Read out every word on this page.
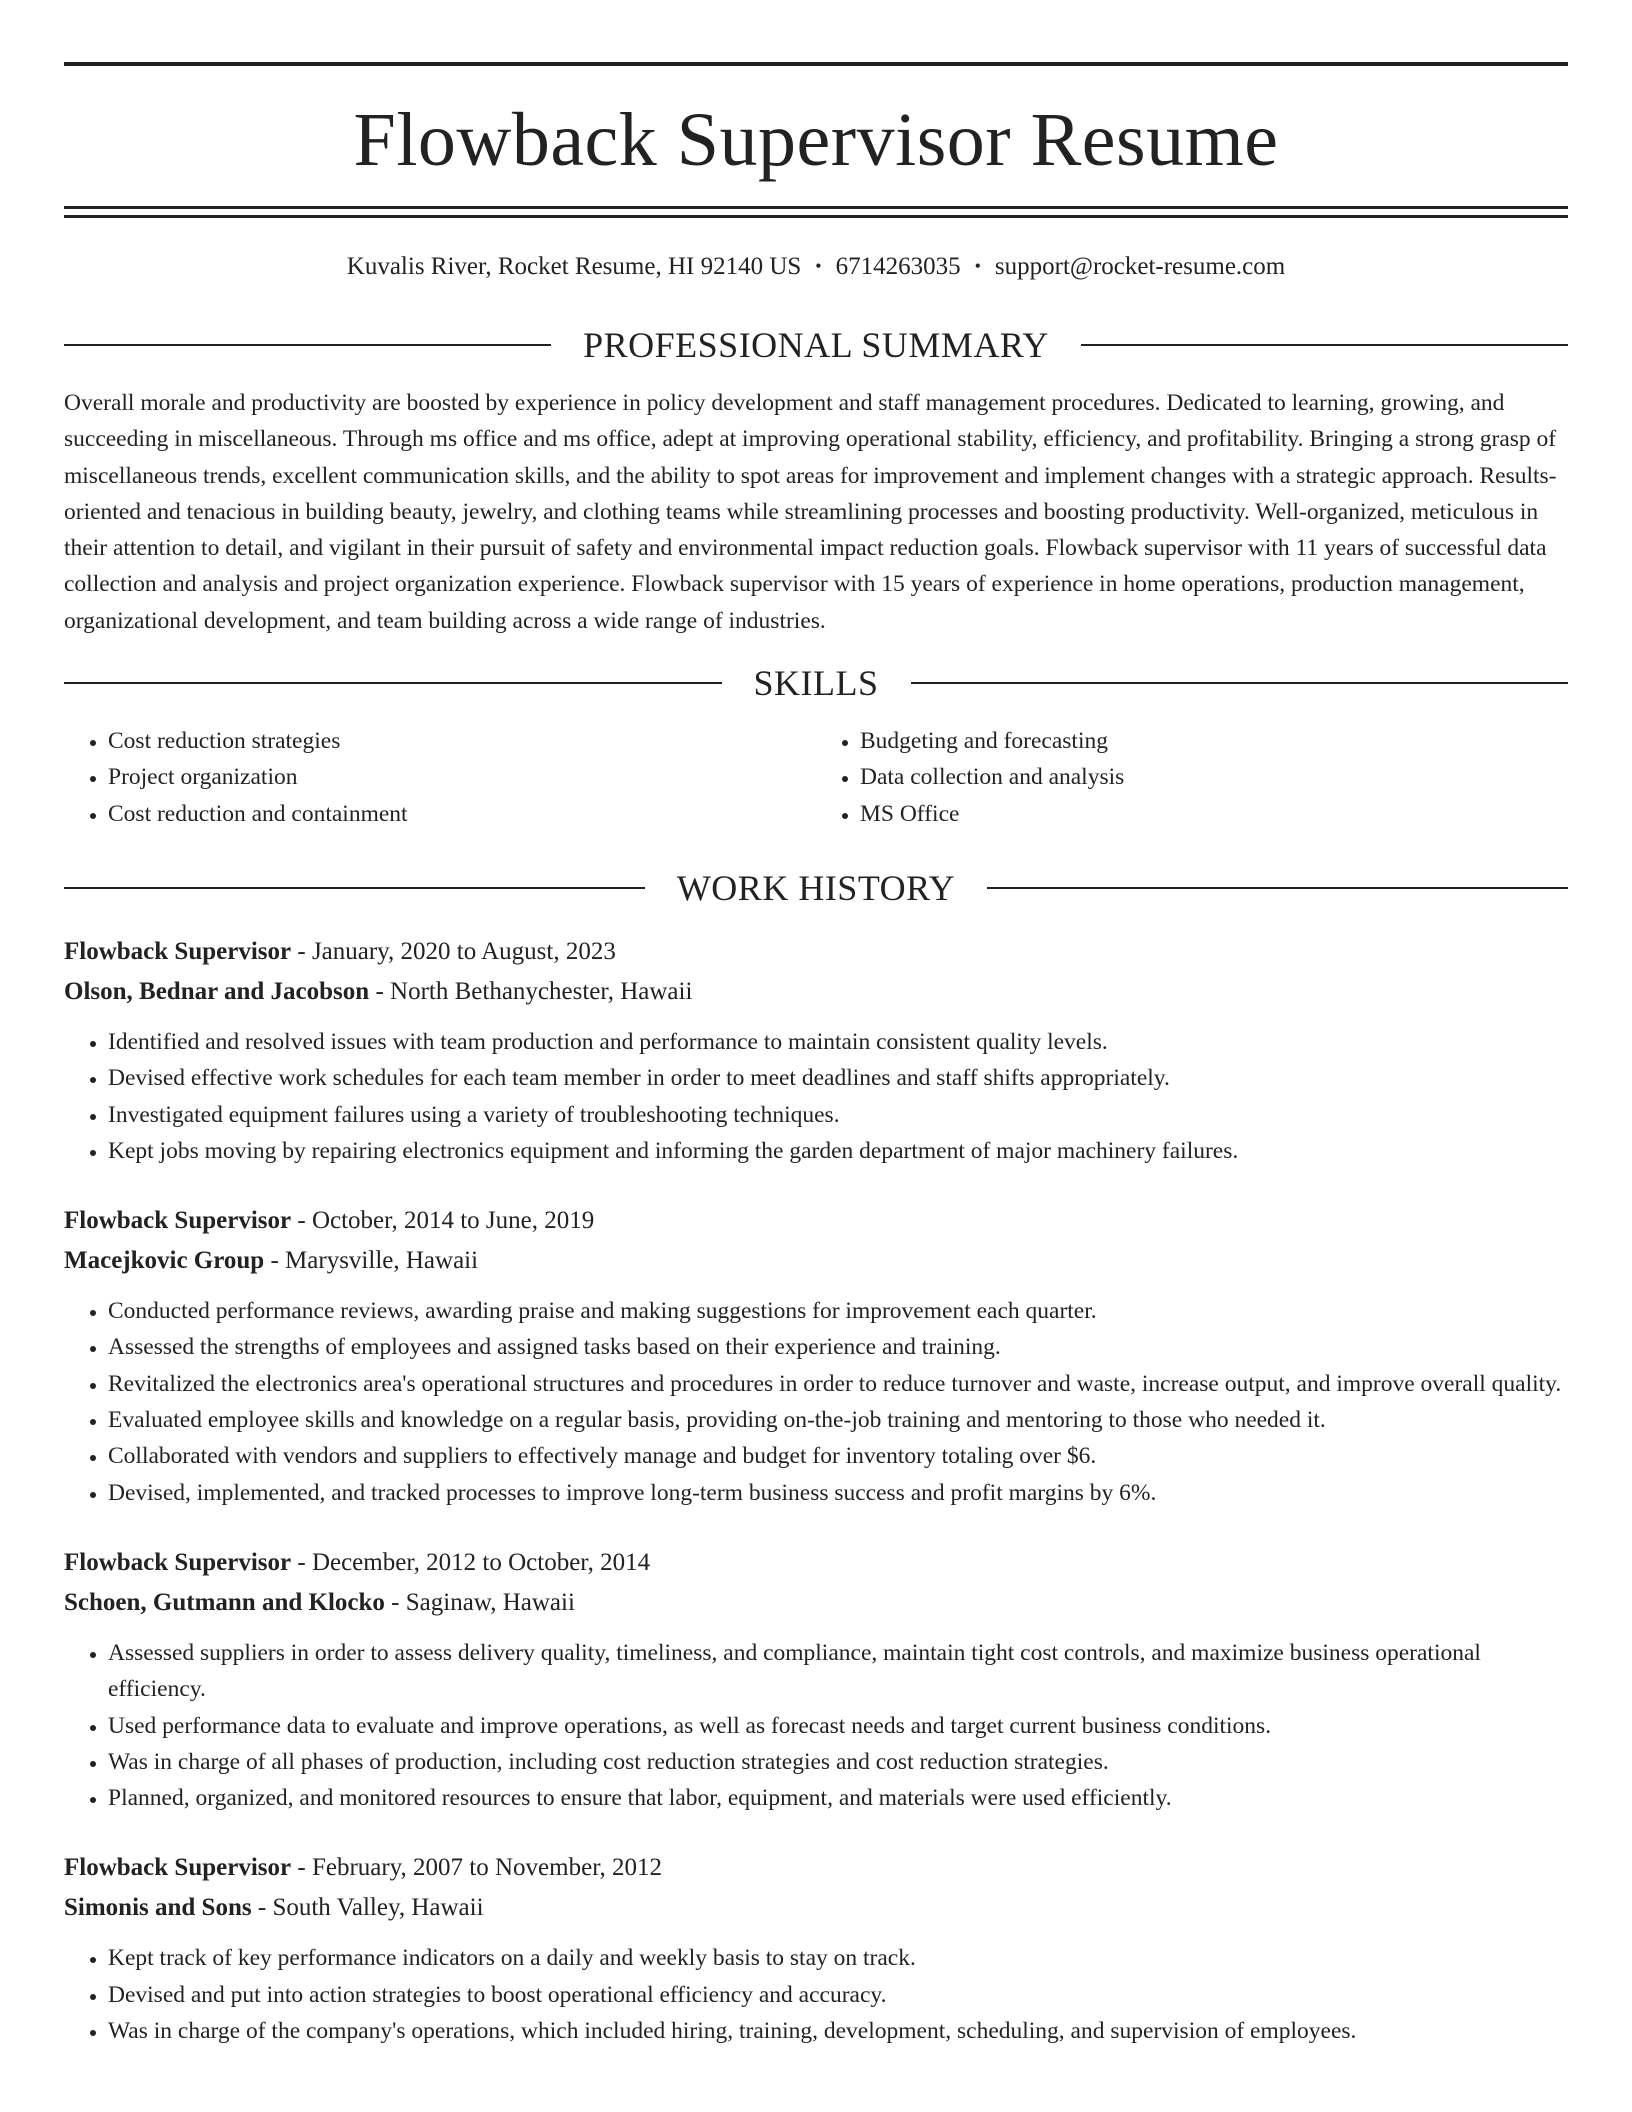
Flowback Supervisor Resume
Kuvalis River, Rocket Resume, HI 92140 US • 6714263035 • support@rocket-resume.com
PROFESSIONAL SUMMARY

Overall morale and productivity are boosted by experience in policy development and staff management procedures. Dedicated to learning, growing, and succeeding in miscellaneous. Through ms office and ms office, adept at improving operational stability, efficiency, and profitability. Bringing a strong grasp of miscellaneous trends, excellent communication skills, and the ability to spot areas for improvement and implement changes with a strategic approach. Results-oriented and tenacious in building beauty, jewelry, and clothing teams while streamlining processes and boosting productivity. Well-organized, meticulous in their attention to detail, and vigilant in their pursuit of safety and environmental impact reduction goals. Flowback supervisor with 11 years of successful data collection and analysis and project organization experience. Flowback supervisor with 15 years of experience in home operations, production management, organizational development, and team building across a wide range of industries.

SKILLS
• Cost reduction strategies
• Project organization
• Cost reduction and containment
• Budgeting and forecasting
• Data collection and analysis
• MS Office
WORK HISTORY
Flowback Supervisor - January, 2020 to August, 2023
Olson, Bednar and Jacobson - North Bethanychester, Hawaii
• Identified and resolved issues with team production and performance to maintain consistent quality levels.
• Devised effective work schedules for each team member in order to meet deadlines and staff shifts appropriately.
• Investigated equipment failures using a variety of troubleshooting techniques.
• Kept jobs moving by repairing electronics equipment and informing the garden department of major machinery failures.
Flowback Supervisor - October, 2014 to June, 2019
Macejkovic Group - Marysville, Hawaii
• Conducted performance reviews, awarding praise and making suggestions for improvement each quarter.
• Assessed the strengths of employees and assigned tasks based on their experience and training.
• Revitalized the electronics area's operational structures and procedures in order to reduce turnover and waste, increase output, and improve overall quality.
• Evaluated employee skills and knowledge on a regular basis, providing on-the-job training and mentoring to those who needed it.
• Collaborated with vendors and suppliers to effectively manage and budget for inventory totaling over $6.
• Devised, implemented, and tracked processes to improve long-term business success and profit margins by 6%.
Flowback Supervisor - December, 2012 to October, 2014
Schoen, Gutmann and Klocko - Saginaw, Hawaii
• Assessed suppliers in order to assess delivery quality, timeliness, and compliance, maintain tight cost controls, and maximize business operational efficiency.
• Used performance data to evaluate and improve operations, as well as forecast needs and target current business conditions.
• Was in charge of all phases of production, including cost reduction strategies and cost reduction strategies.
• Planned, organized, and monitored resources to ensure that labor, equipment, and materials were used efficiently.
Flowback Supervisor - February, 2007 to November, 2012
Simonis and Sons - South Valley, Hawaii
• Kept track of key performance indicators on a daily and weekly basis to stay on track.
• Devised and put into action strategies to boost operational efficiency and accuracy.
• Was in charge of the company's operations, which included hiring, training, development, scheduling, and supervision of employees.
